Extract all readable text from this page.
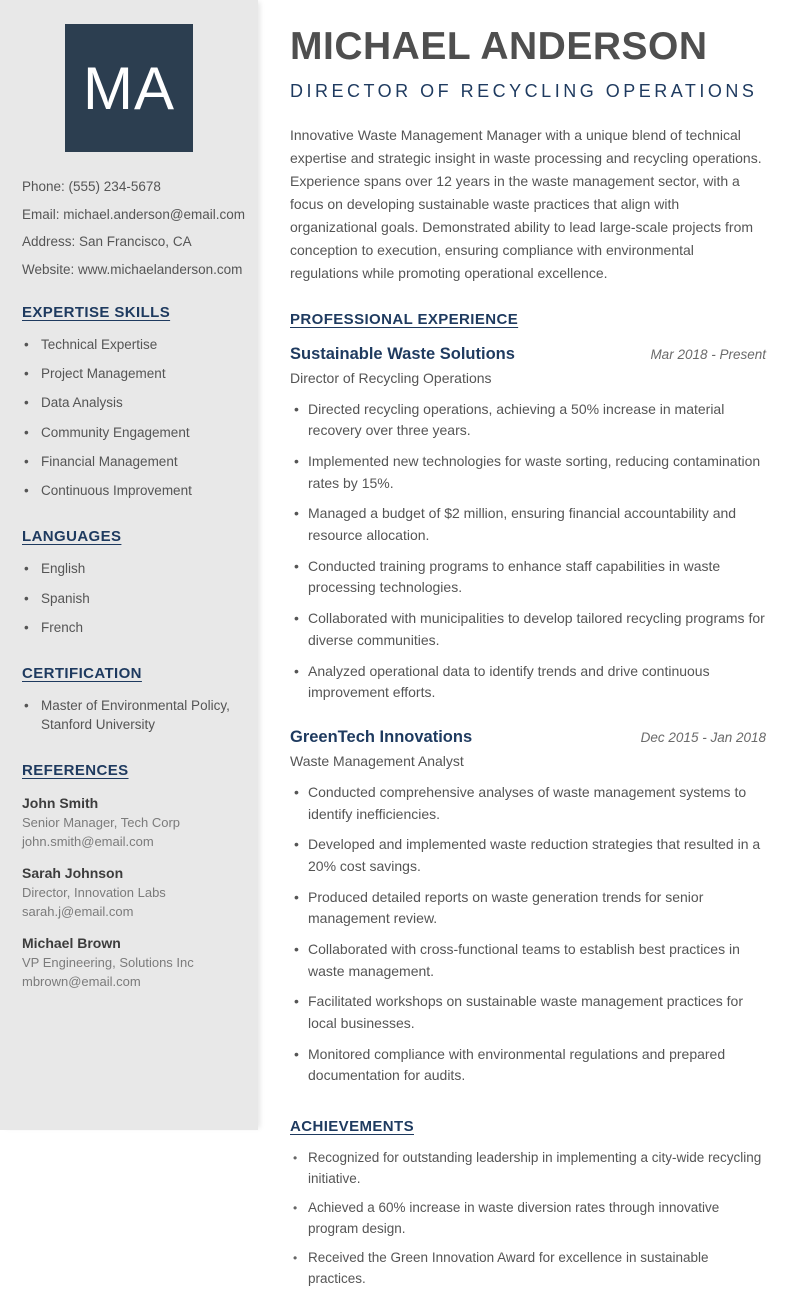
MA
Phone: (555) 234-5678
Email: michael.anderson@email.com
Address: San Francisco, CA
Website: www.michaelanderson.com
EXPERTISE SKILLS
• Technical Expertise
• Project Management
• Data Analysis
• Community Engagement
• Financial Management
• Continuous Improvement
LANGUAGES
• English
• Spanish
• French
CERTIFICATION
• Master of Environmental Policy, Stanford University
REFERENCES
John Smith
Senior Manager, Tech Corp
john.smith@email.com
Sarah Johnson
Director, Innovation Labs
sarah.j@email.com
Michael Brown
VP Engineering, Solutions Inc
mbrown@email.com
MICHAEL ANDERSON
DIRECTOR OF RECYCLING OPERATIONS

Innovative Waste Management Manager with a unique blend of technical expertise and strategic insight in waste processing and recycling operations. Experience spans over 12 years in the waste management sector, with a focus on developing sustainable waste practices that align with organizational goals. Demonstrated ability to lead large-scale projects from conception to execution, ensuring compliance with environmental regulations while promoting operational excellence.

PROFESSIONAL EXPERIENCE
Sustainable Waste Solutions	Mar 2018 - Present
Director of Recycling Operations
• Directed recycling operations, achieving a 50% increase in material recovery over three years.
• Implemented new technologies for waste sorting, reducing contamination rates by 15%.
• Managed a budget of $2 million, ensuring financial accountability and resource allocation.
• Conducted training programs to enhance staff capabilities in waste processing technologies.
• Collaborated with municipalities to develop tailored recycling programs for diverse communities.
• Analyzed operational data to identify trends and drive continuous improvement efforts.
GreenTech Innovations	Dec 2015 - Jan 2018
Waste Management Analyst
• Conducted comprehensive analyses of waste management systems to identify inefficiencies.
• Developed and implemented waste reduction strategies that resulted in a 20% cost savings.
• Produced detailed reports on waste generation trends for senior management review.
• Collaborated with cross-functional teams to establish best practices in waste management.
• Facilitated workshops on sustainable waste management practices for local businesses.
• Monitored compliance with environmental regulations and prepared documentation for audits.
ACHIEVEMENTS
• Recognized for outstanding leadership in implementing a city-wide recycling initiative.
• Achieved a 60% increase in waste diversion rates through innovative program design.
• Received the Green Innovation Award for excellence in sustainable practices.
